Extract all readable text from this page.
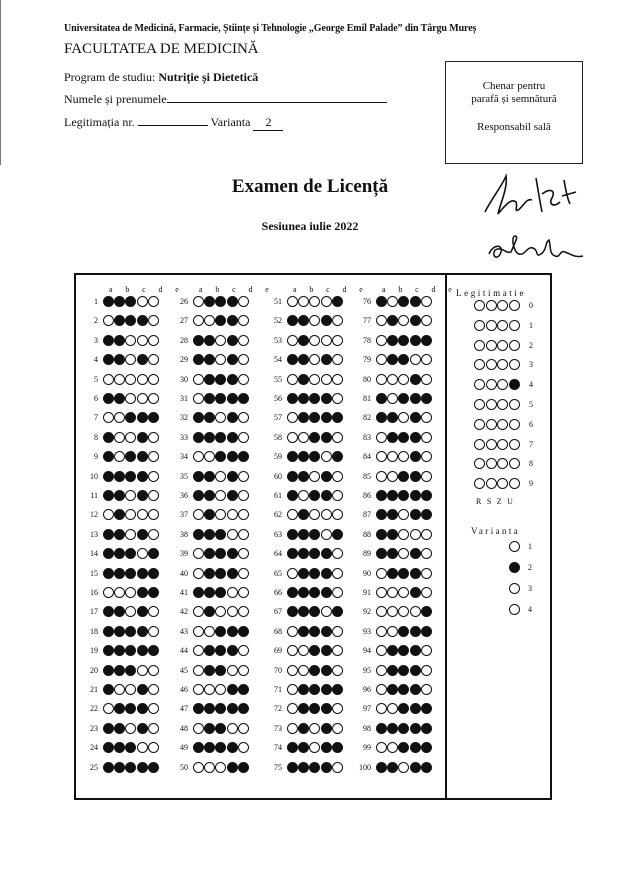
Universitatea de Medicină, Farmacie, Științe și Tehnologie „George Emil Palade” din Târgu Mureș
FACULTATEA DE MEDICINĂ
Program de studiu: Nutriție și Dietetică
Numele și prenumele
Legitimația nr.	Varianta 2
Chenar pentru
parafă și semnătură
Responsabil sală
Examen de Licență
Sesiunea iulie 2022
a b c d e
1
2
3
4
5
6
7
8
9
10
11
12
13
14
15
16
17
18
19
20
21
22
23
24
25
a b c d e
26
27
28
29
30
31
32
33
34
35
36
37
38
39
40
41
42
43
44
45
46
47
48
49
50
a b c d e
51
52
53
54
55
56
57
58
59
60
61
62
63
64
65
66
67
68
69
70
71
72
73
74
75
a b c d e
76
77
78
79
80
81
82
83
84
85
86
87
88
89
90
91
92
93
94
95
96
97
98
99
100
Legitimatie
0
1
2
3
4
5
6
7
8
9
RSZU
Varianta
1
2
3
4
